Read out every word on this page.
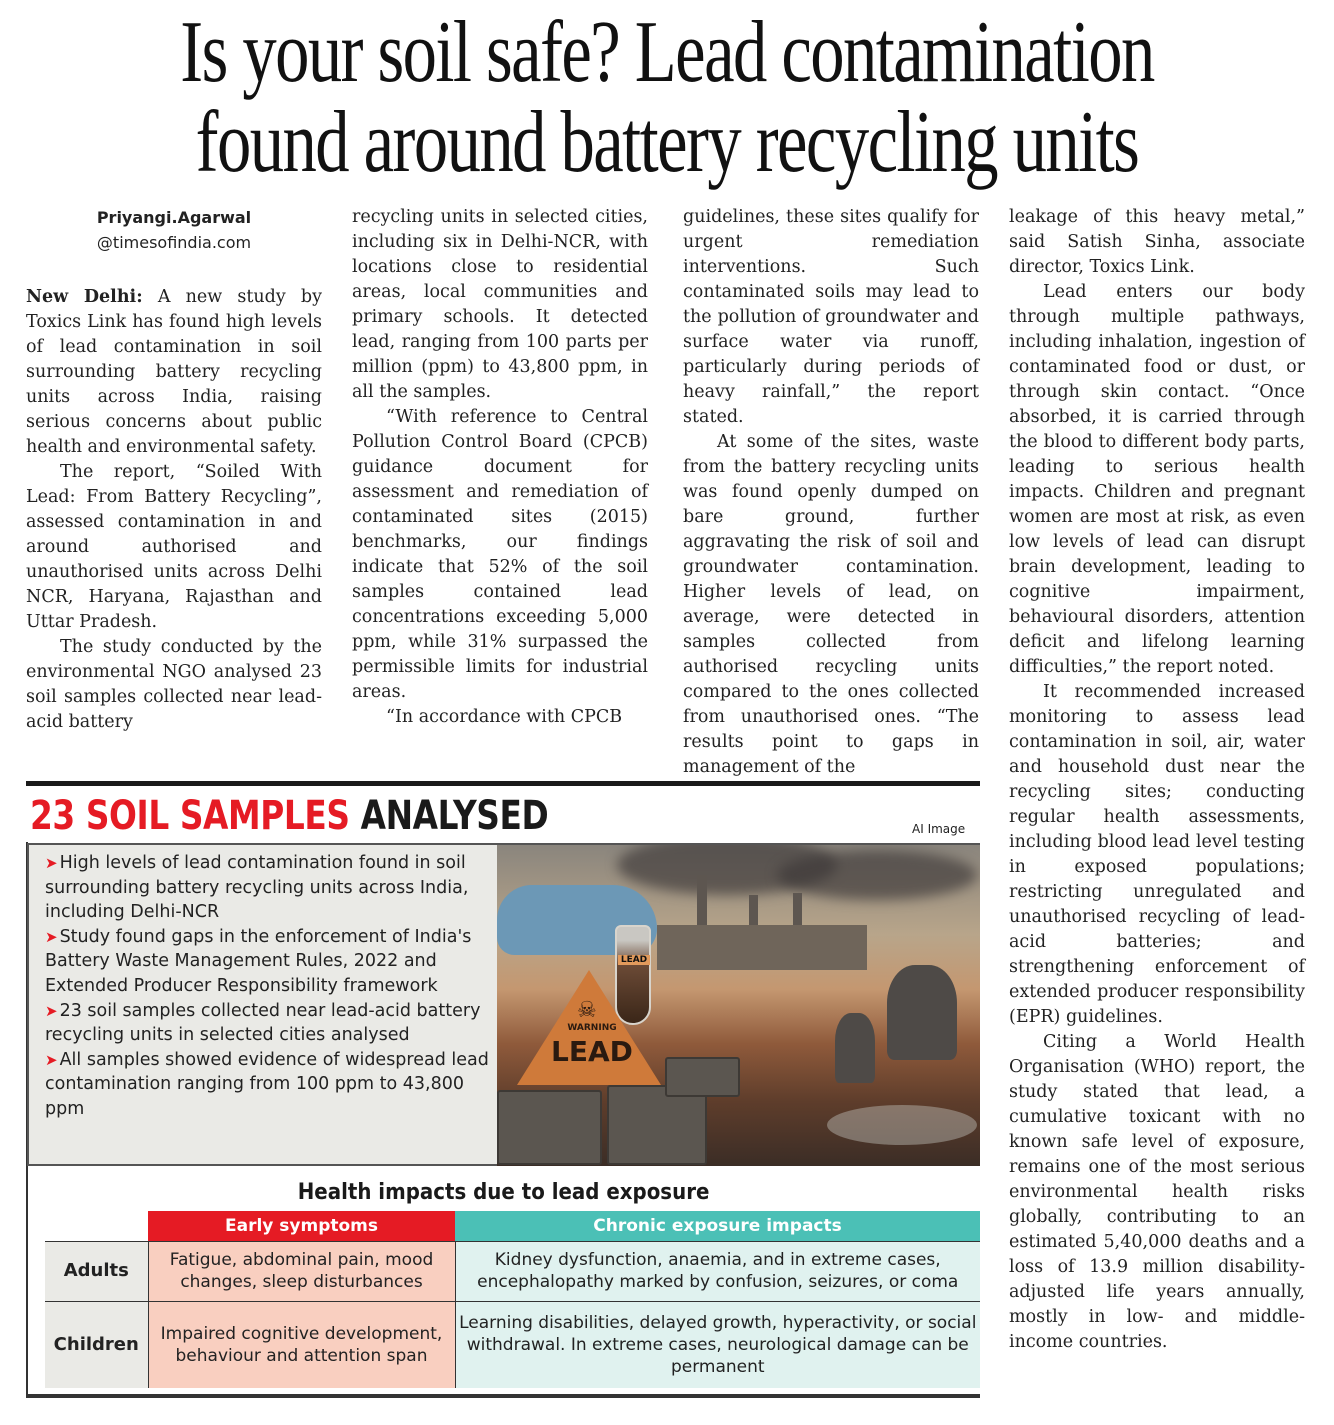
Is your soil safe? Lead contamination
found around battery recycling units
Priyangi.Agarwal
@timesofindia.com

New Delhi: A new study by Toxics Link has found high levels of lead contamination in soil surrounding battery recycling units across India, raising serious concerns about public health and environmental safety.

The report, “Soiled With Lead: From Battery Recycling”, assessed contamination in and around authorised and unauthorised units across Delhi NCR, Haryana, Rajasthan and Uttar Pradesh.

The study conducted by the environmental NGO analysed 23 soil samples collected near lead-acid battery

recycling units in selected cities, including six in Delhi-NCR, with locations close to residential areas, local communities and primary schools. It detected lead, ranging from 100 parts per million (ppm) to 43,800 ppm, in all the samples.

“With reference to Central Pollution Control Board (CPCB) guidance document for assessment and remediation of contaminated sites (2015) benchmarks, our findings indicate that 52% of the soil samples contained lead concentrations exceeding 5,000 ppm, while 31% surpassed the permissible limits for industrial areas.

“In accordance with CPCB

guidelines, these sites qualify for urgent remediation interventions. Such contaminated soils may lead to the pollution of groundwater and surface water via runoff, particularly during periods of heavy rainfall,” the report stated.

At some of the sites, waste from the battery recycling units was found openly dumped on bare ground, further aggravating the risk of soil and groundwater contamination. Higher levels of lead, on average, were detected in samples collected from authorised recycling units compared to the ones collected from unauthorised ones. “The results point to gaps in management of the

leakage of this heavy metal,” said Satish Sinha, associate director, Toxics Link.

Lead enters our body through multiple pathways, including inhalation, ingestion of contaminated food or dust, or through skin contact. “Once absorbed, it is carried through the blood to different body parts, leading to serious health impacts. Children and pregnant women are most at risk, as even low levels of lead can disrupt brain development, leading to cognitive impairment, behavioural disorders, attention deficit and lifelong learning difficulties,” the report noted.

It recommended increased monitoring to assess lead contamination in soil, air, water and household dust near the recycling sites; conducting regular health assessments, including blood lead level testing in exposed populations; restricting unregulated and unauthorised recycling of lead-acid batteries; and strengthening enforcement of extended producer responsibility (EPR) guidelines.

Citing a World Health Organisation (WHO) report, the study stated that lead, a cumulative toxicant with no known safe level of exposure, remains one of the most serious environmental health risks globally, contributing to an estimated 5,40,000 deaths and a loss of 13.9 million disability-adjusted life years annually, mostly in low- and middle-income countries.

23 SOIL SAMPLES ANALYSED	AI Image
➤ High levels of lead contamination found in soil surrounding battery recycling units across India, including Delhi-NCR
➤ Study found gaps in the enforcement of India's Battery Waste Management Rules, 2022 and Extended Producer Responsibility framework
➤ 23 soil samples collected near lead-acid battery recycling units in selected cities analysed
➤ All samples showed evidence of widespread lead contamination ranging from 100 ppm to 43,800 ppm
LEAD
☠
WARNING
LEAD
Health impacts due to lead exposure
	Early symptoms	Chronic exposure impacts
Adults	Fatigue, abdominal pain, mood changes, sleep disturbances	Kidney dysfunction, anaemia, and in extreme cases, encephalopathy marked by confusion, seizures, or coma
Children	Impaired cognitive development, behaviour and attention span	Learning disabilities, delayed growth, hyperactivity, or social withdrawal. In extreme cases, neurological damage can be permanent
